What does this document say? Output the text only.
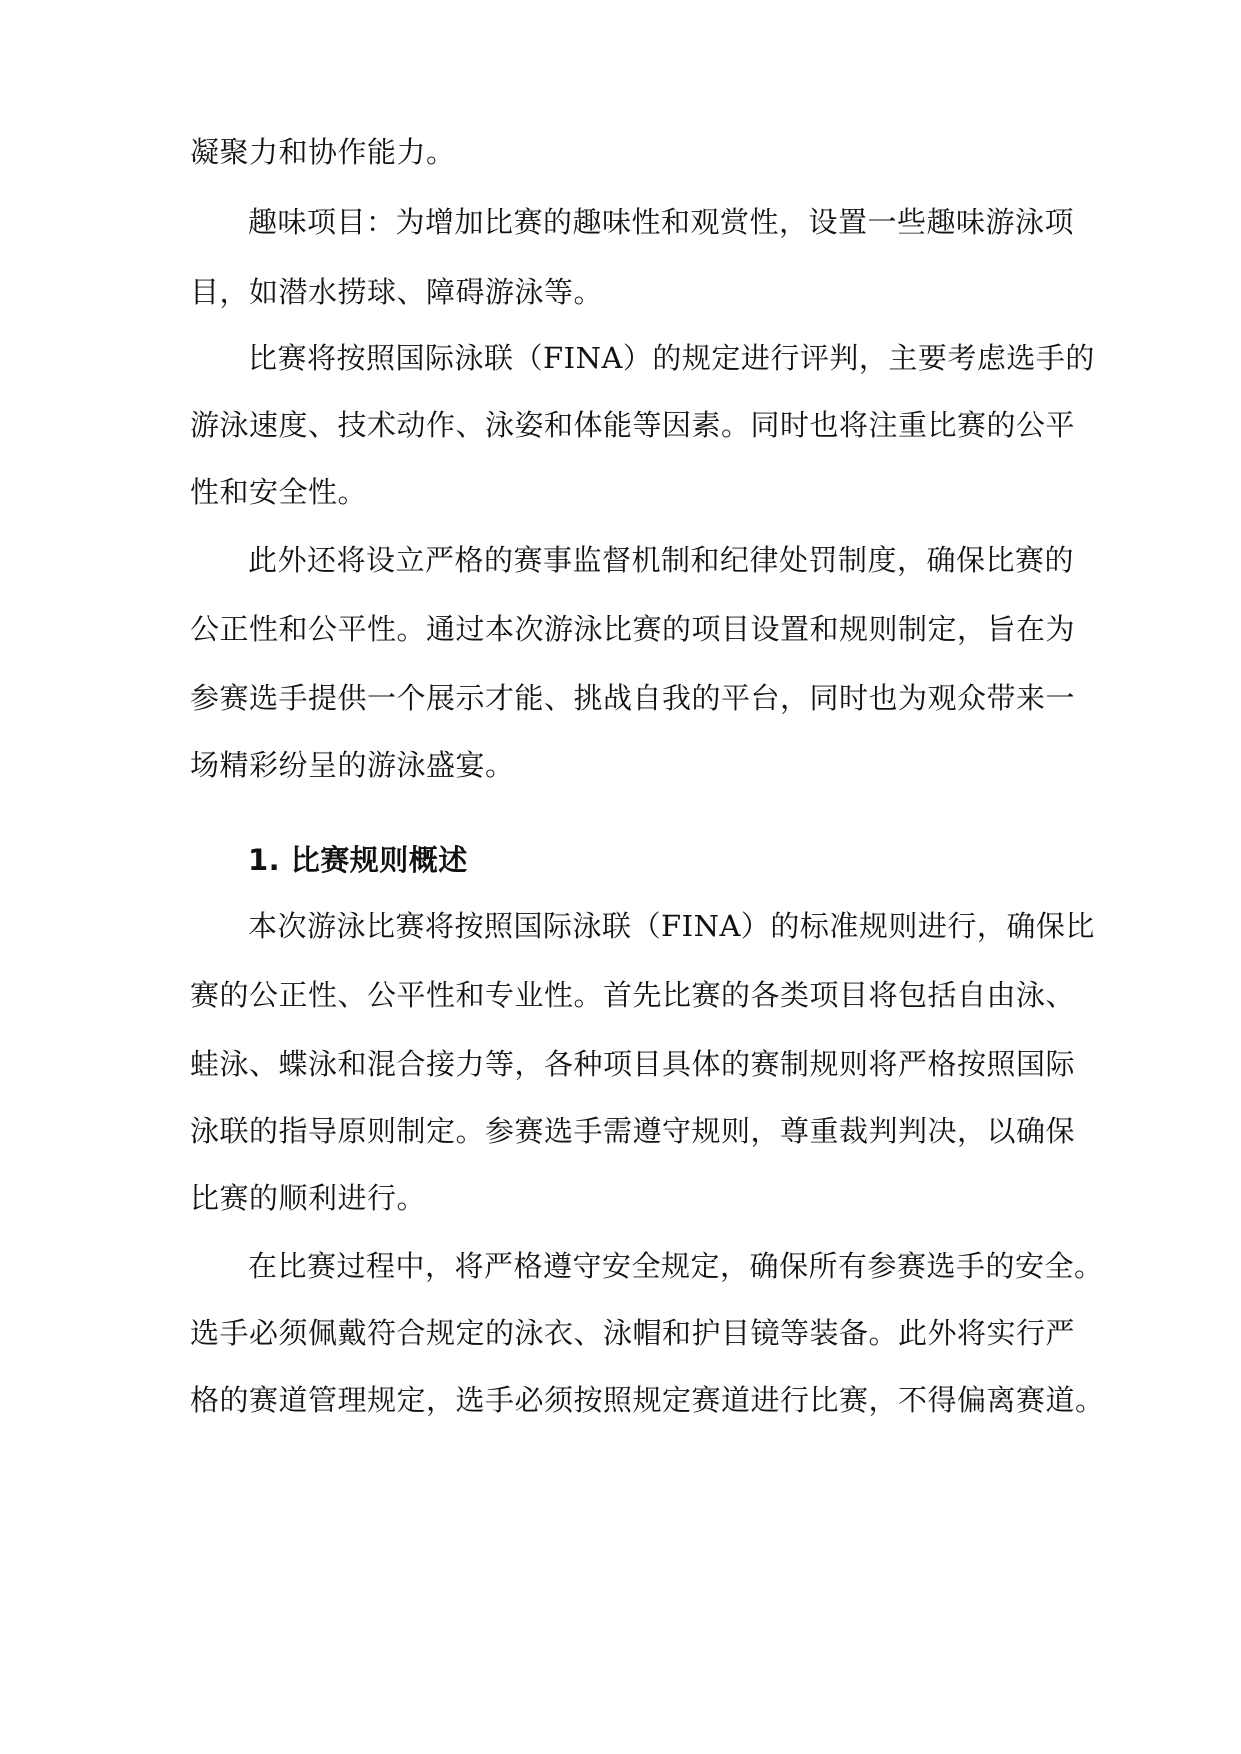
凝聚力和协作能力。
趣味项目：为增加比赛的趣味性和观赏性，设置一些趣味游泳项
目，如潜水捞球、障碍游泳等。
比赛将按照国际泳联（FINA）的规定进行评判，主要考虑选手的
游泳速度、技术动作、泳姿和体能等因素。同时也将注重比赛的公平
性和安全性。
此外还将设立严格的赛事监督机制和纪律处罚制度，确保比赛的
公正性和公平性。通过本次游泳比赛的项目设置和规则制定，旨在为
参赛选手提供一个展示才能、挑战自我的平台，同时也为观众带来一
场精彩纷呈的游泳盛宴。
1. 比赛规则概述
本次游泳比赛将按照国际泳联（FINA）的标准规则进行，确保比
赛的公正性、公平性和专业性。首先比赛的各类项目将包括自由泳、
蛙泳、蝶泳和混合接力等，各种项目具体的赛制规则将严格按照国际
泳联的指导原则制定。参赛选手需遵守规则，尊重裁判判决，以确保
比赛的顺利进行。
在比赛过程中，将严格遵守安全规定，确保所有参赛选手的安全。
选手必须佩戴符合规定的泳衣、泳帽和护目镜等装备。此外将实行严
格的赛道管理规定，选手必须按照规定赛道进行比赛，不得偏离赛道。
